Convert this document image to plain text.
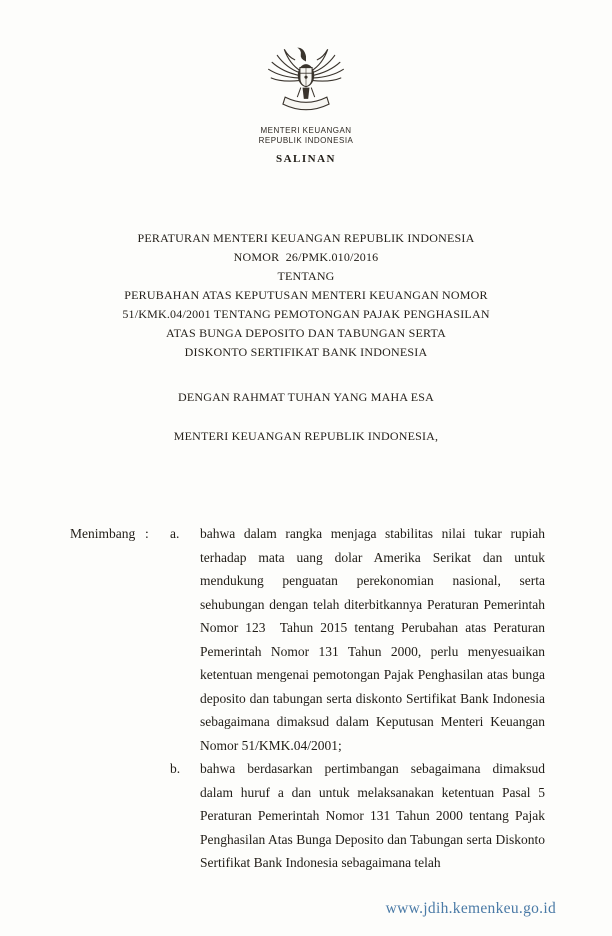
MENTERI KEUANGAN
REPUBLIK INDONESIA
SALINAN
PERATURAN MENTERI KEUANGAN REPUBLIK INDONESIA
NOMOR  26/PMK.010/2016
TENTANG
PERUBAHAN ATAS KEPUTUSAN MENTERI KEUANGAN NOMOR
51/KMK.04/2001 TENTANG PEMOTONGAN PAJAK PENGHASILAN
ATAS BUNGA DEPOSITO DAN TABUNGAN SERTA
DISKONTO SERTIFIKAT BANK INDONESIA
DENGAN RAHMAT TUHAN YANG MAHA ESA
MENTERI KEUANGAN REPUBLIK INDONESIA,
Menimbang :	a.	bahwa dalam rangka menjaga stabilitas nilai tukar rupiah terhadap mata uang dolar Amerika Serikat dan untuk mendukung penguatan perekonomian nasional, serta sehubungan dengan telah diterbitkannya Peraturan Pemerintah Nomor 123  Tahun 2015 tentang Perubahan atas Peraturan Pemerintah Nomor 131 Tahun 2000, perlu menyesuaikan ketentuan mengenai pemotongan Pajak Penghasilan atas bunga deposito dan tabungan serta diskonto Sertifikat Bank Indonesia sebagaimana dimaksud dalam Keputusan Menteri Keuangan Nomor 51/KMK.04/2001;
b.	bahwa berdasarkan pertimbangan sebagaimana dimaksud dalam huruf a dan untuk melaksanakan ketentuan Pasal 5 Peraturan Pemerintah Nomor 131 Tahun 2000 tentang Pajak Penghasilan Atas Bunga Deposito dan Tabungan serta Diskonto Sertifikat Bank Indonesia sebagaimana telah
www.jdih.kemenkeu.go.id
